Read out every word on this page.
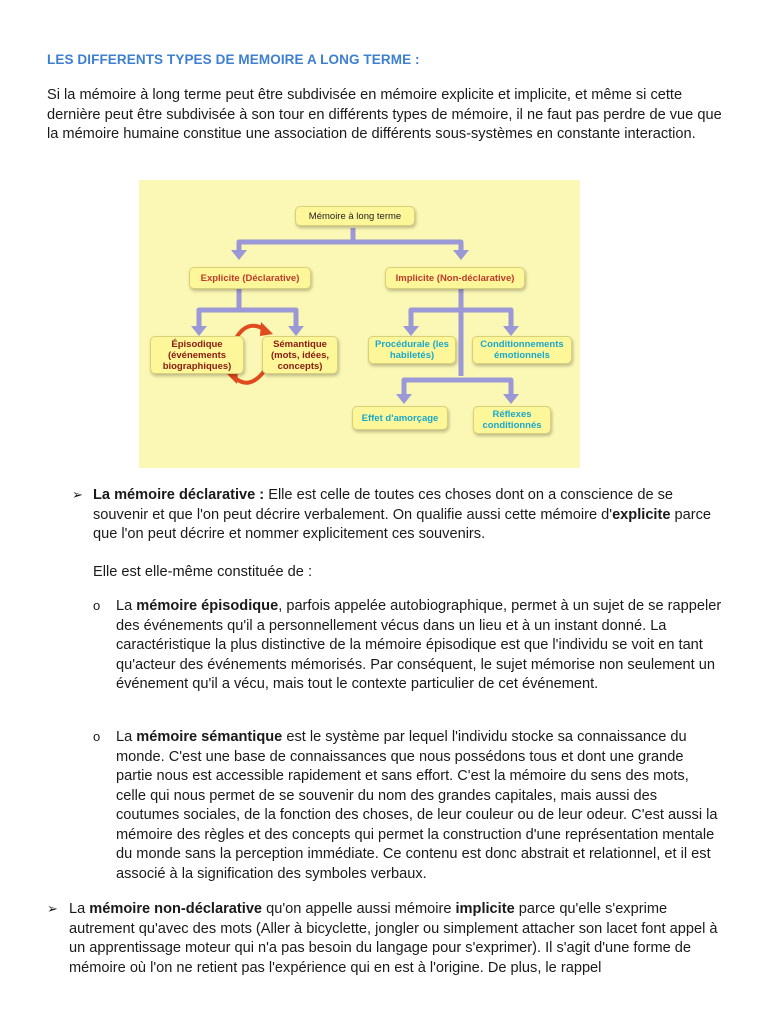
LES DIFFERENTS TYPES DE MEMOIRE A LONG TERME :

Si la mémoire à long terme peut être subdivisée en mémoire explicite et implicite, et même si cette dernière peut être subdivisée à son tour en différents types de mémoire, il ne faut pas perdre de vue que la mémoire humaine constitue une association de différents sous-systèmes en constante interaction.

Mémoire à long terme
Explicite (Déclarative)	Implicite (Non-déclarative)
Épisodique (événements biographiques)
Sémantique (mots, idées, concepts)
Procédurale (les habiletés)
Conditionnements émotionnels
Effet d'amorçage	Réflexes conditionnés
➢ La mémoire déclarative : Elle est celle de toutes ces choses dont on a conscience de se souvenir et que l'on peut décrire verbalement. On qualifie aussi cette mémoire d'explicite parce que l'on peut décrire et nommer explicitement ces souvenirs.

Elle est elle-même constituée de :

o La mémoire épisodique, parfois appelée autobiographique, permet à un sujet de se rappeler des événements qu'il a personnellement vécus dans un lieu et à un instant donné. La caractéristique la plus distinctive de la mémoire épisodique est que l'individu se voit en tant qu'acteur des événements mémorisés. Par conséquent, le sujet mémorise non seulement un événement qu'il a vécu, mais tout le contexte particulier de cet événement.

o La mémoire sémantique est le système par lequel l'individu stocke sa connaissance du monde. C'est une base de connaissances que nous possédons tous et dont une grande partie nous est accessible rapidement et sans effort. C'est la mémoire du sens des mots, celle qui nous permet de se souvenir du nom des grandes capitales, mais aussi des coutumes sociales, de la fonction des choses, de leur couleur ou de leur odeur. C'est aussi la mémoire des règles et des concepts qui permet la construction d'une représentation mentale du monde sans la perception immédiate. Ce contenu est donc abstrait et relationnel, et il est associé à la signification des symboles verbaux.

➢ La mémoire non-déclarative qu'on appelle aussi mémoire implicite parce qu'elle s'exprime autrement qu'avec des mots (Aller à bicyclette, jongler ou simplement attacher son lacet font appel à un apprentissage moteur qui n'a pas besoin du langage pour s'exprimer). Il s'agit d'une forme de mémoire où l'on ne retient pas l'expérience qui en est à l'origine. De plus, le rappel
